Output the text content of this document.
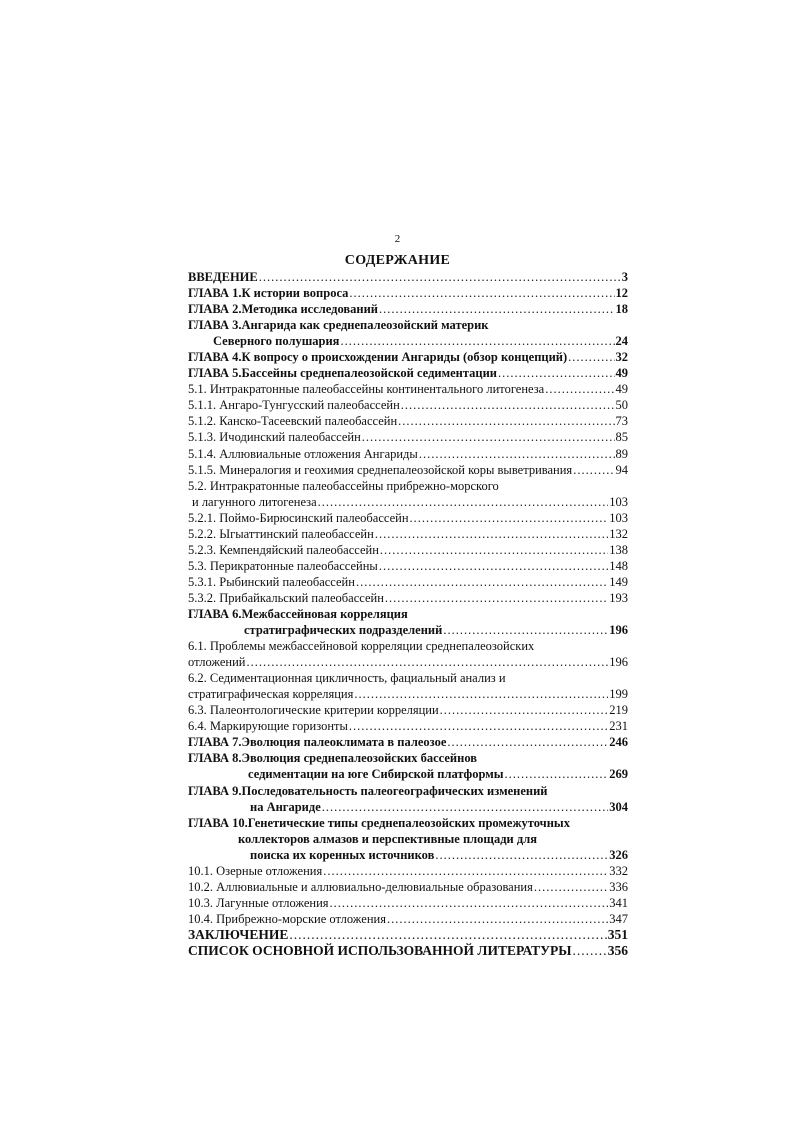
2
СОДЕРЖАНИЕ
ВВЕДЕНИЕ .....	3
ГЛАВА 1.К истории вопроса .....	12
ГЛАВА 2.Методика исследований .....	18
ГЛАВА 3.Ангарида как среднепалеозойский материк
Северного полушария .....	24
ГЛАВА 4.К вопросу о происхождении Ангариды (обзор концепций) .....	32
ГЛАВА 5.Бассейны среднепалеозойской седиментации .....	49
5.1. Интракратонные палеобассейны континентального литогенеза .....	49
5.1.1. Ангаро-Тунгусский палеобассейн .....	50
5.1.2. Канско-Тасеевский палеобассейн .....	73
5.1.3. Ичодинский палеобассейн .....	85
5.1.4. Аллювиальные отложения Ангариды .....	89
5.1.5. Минералогия и геохимия среднепалеозойской коры выветривания .....	94
5.2. Интракратонные палеобассейны прибрежно-морского
и лагунного литогенеза .....	103
5.2.1. Поймо-Бирюсинский палеобассейн .....	103
5.2.2. Ыгыаттинский палеобассейн .....	132
5.2.3. Кемпендяйский палеобассейн .....	138
5.3. Перикратонные палеобассейны .....	148
5.3.1. Рыбинский палеобассейн .....	149
5.3.2. Прибайкальский палеобассейн .....	193
ГЛАВА 6.Межбассейновая корреляция
стратиграфических подразделений .....	196
6.1. Проблемы межбассейновой корреляции среднепалеозойских
отложений .....	196
6.2. Седиментационная цикличность, фациальный анализ и
стратиграфическая корреляция .....	199
6.3. Палеонтологические критерии корреляции .....	219
6.4. Маркирующие горизонты .....	231
ГЛАВА 7.Эволюция палеоклимата в палеозое .....	246
ГЛАВА 8.Эволюция среднепалеозойских бассейнов
седиментации на юге Сибирской платформы .....	269
ГЛАВА 9.Последовательность палеогеографических изменений
на Ангариде .....	304
ГЛАВА 10.Генетические типы среднепалеозойских промежуточных
коллекторов алмазов и перспективные площади для
поиска их коренных источников .....	326
10.1. Озерные отложения .....	332
10.2. Аллювиальные и аллювиально-делювиальные образования .....	336
10.3. Лагунные отложения .....	341
10.4. Прибрежно-морские отложения .....	347
ЗАКЛЮЧЕНИЕ .....	351
СПИСОК ОСНОВНОЙ ИСПОЛЬЗОВАННОЙ ЛИТЕРАТУРЫ .....	356
